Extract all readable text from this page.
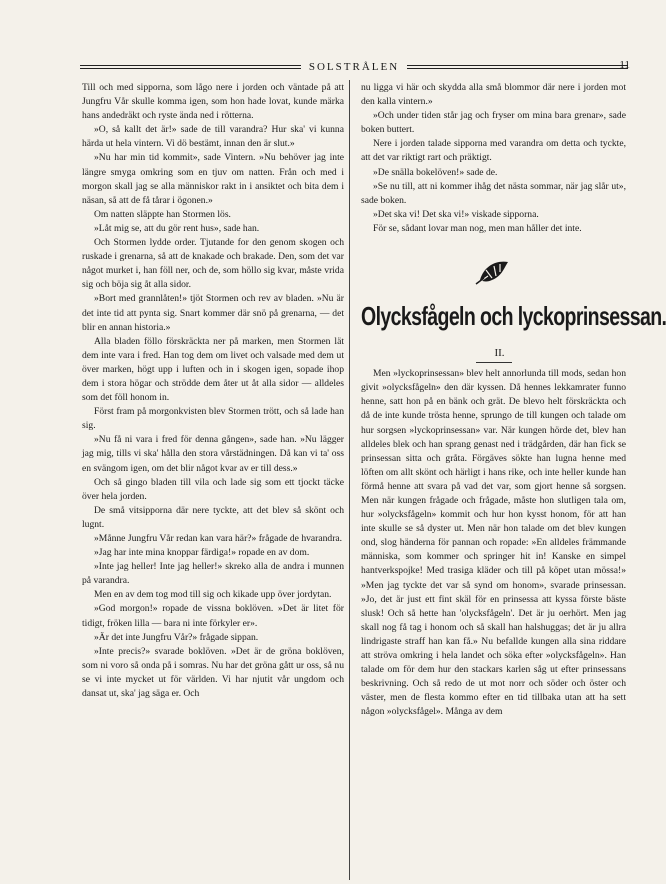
SOLSTRÅLEN	11

Till och med sipporna, som lågo nere i jorden och väntade på att Jungfru Vår skulle komma igen, som hon hade lovat, kunde märka hans andedräkt och ryste ända ned i rötterna.

»O, så kallt det är!» sade de till varandra? Hur ska' vi kunna härda ut hela vintern. Vi dö bestämt, innan den är slut.»

»Nu har min tid kommit», sade Vintern. »Nu behöver jag inte längre smyga omkring som en tjuv om natten. Från och med i morgon skall jag se alla människor rakt in i ansiktet och bita dem i näsan, så att de få tårar i ögonen.»

Om natten släppte han Stormen lös.

»Låt mig se, att du gör rent hus», sade han.

Och Stormen lydde order. Tjutande for den genom skogen och ruskade i grenarna, så att de knakade och brakade. Den, som det var något murket i, han föll ner, och de, som höllo sig kvar, måste vrida sig och böja sig åt alla sidor.

»Bort med grannlåten!» tjöt Stormen och rev av bladen. »Nu är det inte tid att pynta sig. Snart kommer där snö på grenarna, — det blir en annan historia.»

Alla bladen föllo förskräckta ner på marken, men Stormen lät dem inte vara i fred. Han tog dem om livet och valsade med dem ut över marken, högt upp i luften och in i skogen igen, sopade ihop dem i stora högar och strödde dem åter ut åt alla sidor — alldeles som det föll honom in.

Först fram på morgonkvisten blev Stormen trött, och så lade han sig.

»Nu få ni vara i fred för denna gången», sade han. »Nu lägger jag mig, tills vi ska' hålla den stora vårstädningen. Då kan vi ta' oss en svängom igen, om det blir något kvar av er till dess.»

Och så gingo bladen till vila och lade sig som ett tjockt täcke över hela jorden.

De små vitsipporna där nere tyckte, att det blev så skönt och lugnt.

»Månne Jungfru Vår redan kan vara här?» frågade de hvarandra.

»Jag har inte mina knoppar färdiga!» ropade en av dom.

»Inte jag heller! Inte jag heller!» skreko alla de andra i munnen på varandra.

Men en av dem tog mod till sig och kikade upp över jordytan.

»God morgon!» ropade de vissna boklöven. »Det är litet för tidigt, fröken lilla — bara ni inte förkyler er».

»Är det inte Jungfru Vår?» frågade sippan.

»Inte precis?» svarade boklöven. »Det är de gröna boklöven, som ni voro så onda på i somras. Nu har det gröna gått ur oss, så nu se vi inte mycket ut för världen. Vi har njutit vår ungdom och dansat ut, ska' jag säga er. Och

nu ligga vi här och skydda alla små blommor där nere i jorden mot den kalla vintern.»

»Och under tiden står jag och fryser om mina bara grenar», sade boken buttert.

Nere i jorden talade sipporna med varandra om detta och tyckte, att det var riktigt rart och präktigt.

»De snälla bokelöven!» sade de.

»Se nu till, att ni kommer ihåg det nästa sommar, när jag slår ut», sade boken.

»Det ska vi! Det ska vi!» viskade sipporna.

För se, sådant lovar man nog, men man håller det inte.

Olycksfågeln och lyckoprinsessan.

II.

Men »lyckoprinsessan» blev helt annorlunda till mods, sedan hon givit »olycksfågeln» den där kyssen. Då hennes lekkamrater funno henne, satt hon på en bänk och grät. De blevo helt förskräckta och då de inte kunde trösta henne, sprungo de till kungen och talade om hur sorgsen »lyckoprinsessan» var. När kungen hörde det, blev han alldeles blek och han sprang genast ned i trädgården, där han fick se prinsessan sitta och gråta. Förgäves sökte han lugna henne med löften om allt skönt och härligt i hans rike, och inte heller kunde han förmå henne att svara på vad det var, som gjort henne så sorgsen. Men när kungen frågade och frågade, måste hon slutligen tala om, hur »olycksfågeln» kommit och hur hon kysst honom, för att han inte skulle se så dyster ut. Men när hon talade om det blev kungen ond, slog händerna för pannan och ropade: »En alldeles främmande människa, som kommer och springer hit in! Kanske en simpel hantverkspojke! Med trasiga kläder och till på köpet utan mössa!» »Men jag tyckte det var så synd om honom», svarade prinsessan. »Jo, det är just ett fint skäl för en prinsessa att kyssa förste bäste slusk! Och så hette han 'olycksfågeln'. Det är ju oerhört. Men jag skall nog få tag i honom och så skall han halshuggas; det är ju allra lindrigaste straff han kan få.» Nu befallde kungen alla sina riddare att ströva omkring i hela landet och söka efter »olycksfågeln». Han talade om för dem hur den stackars karlen såg ut efter prinsessans beskrivning. Och så redo de ut mot norr och söder och öster och väster, men de flesta kommo efter en tid tillbaka utan att ha sett någon »olycksfågel». Många av dem
